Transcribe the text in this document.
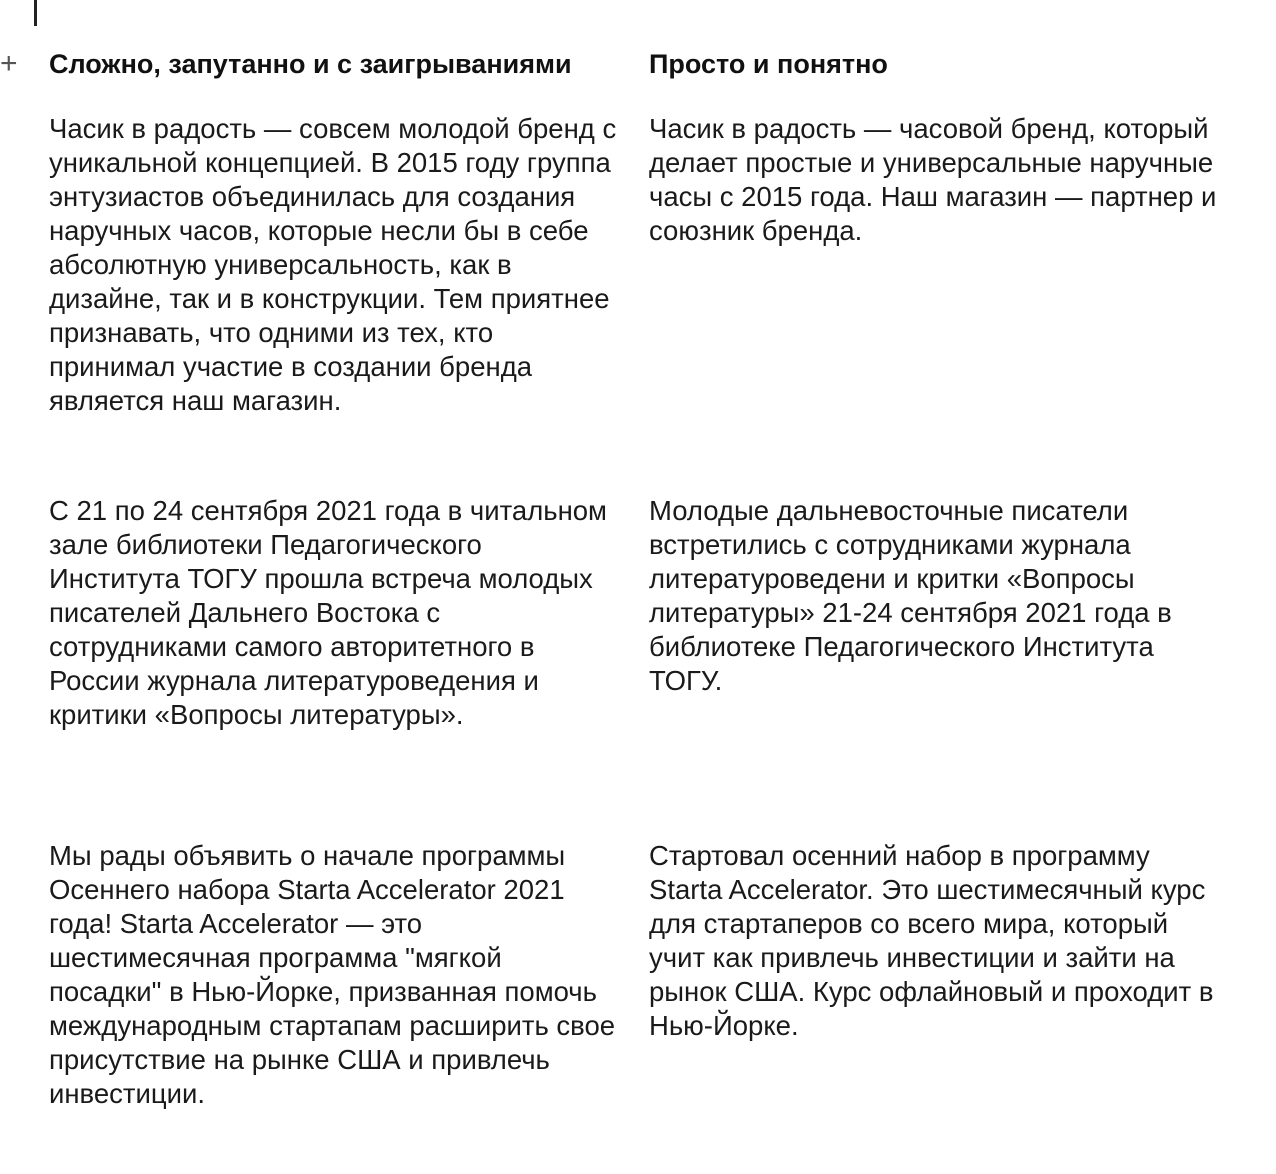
+ Сложно, запутанно и с заигрываниями	Просто и понятно
Часик в радость — совсем молодой бренд с уникальной концепцией. В 2015 году группа энтузиастов объединилась для создания наручных часов, которые несли бы в себе абсолютную универсальность, как в дизайне, так и в конструкции. Тем приятнее признавать, что одними из тех, кто принимал участие в создании бренда является наш магазин.
Часик в радость — часовой бренд, который делает простые и универсальные наручные часы с 2015 года. Наш магазин — партнер и союзник бренда.
С 21 по 24 сентября 2021 года в читальном зале библиотеки Педагогического Института ТОГУ прошла встреча молодых писателей Дальнего Востока с сотрудниками самого авторитетного в России журнала литературоведения и критики «Вопросы литературы».
Молодые дальневосточные писатели встретились с сотрудниками журнала литературоведени и критки «Вопросы литературы» 21-24 сентября 2021 года в библиотеке Педагогического Института ТОГУ.
Мы рады объявить о начале программы Осеннего набора Starta Accelerator 2021 года! Starta Accelerator — это шестимесячная программа "мягкой посадки" в Нью-Йорке, призванная помочь международным стартапам расширить свое присутствие на рынке США и привлечь инвестиции.
Стартовал осенний набор в программу Starta Accelerator. Это шестимесячный курс для стартаперов со всего мира, который учит как привлечь инвестиции и зайти на рынок США. Курс офлайновый и проходит в Нью-Йорке.
